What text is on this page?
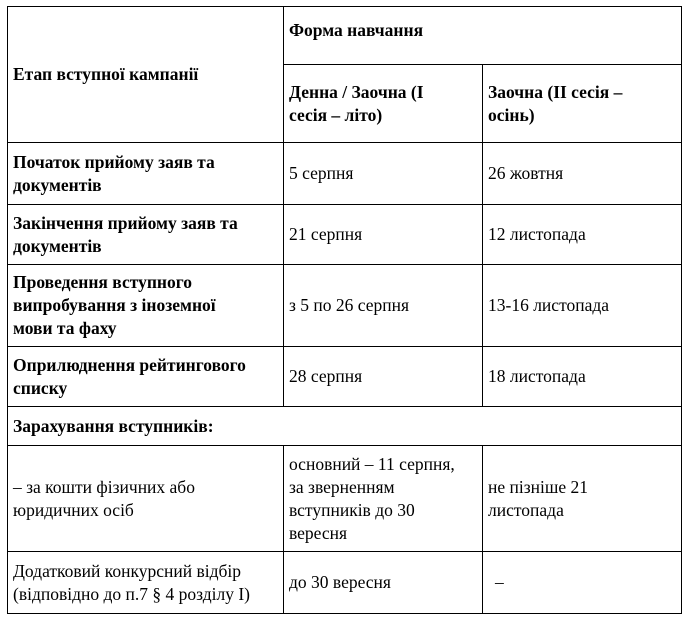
Етап вступної кампанії	Форма навчання	
	Денна / Заочна (I
сесія – літо)	Заочна (II сесія –
осінь)
Початок прийому заяв та
документів	5 серпня	26 жовтня
Закінчення прийому заяв та
документів	21 серпня	12 листопада
Проведення вступного
випробування з іноземної
мови та фаху	з 5 по 26 серпня	13-16 листопада
Оприлюднення рейтингового
списку	28 серпня	18 листопада
Зарахування вступників:		
– за кошти фізичних або
юридичних осіб	основний – 11 серпня,
за зверненням
вступників до 30
вересня	не пізніше 21
листопада
Додатковий конкурсний відбір
(відповідно до п.7 § 4 розділу I)	до 30 вересня	–
